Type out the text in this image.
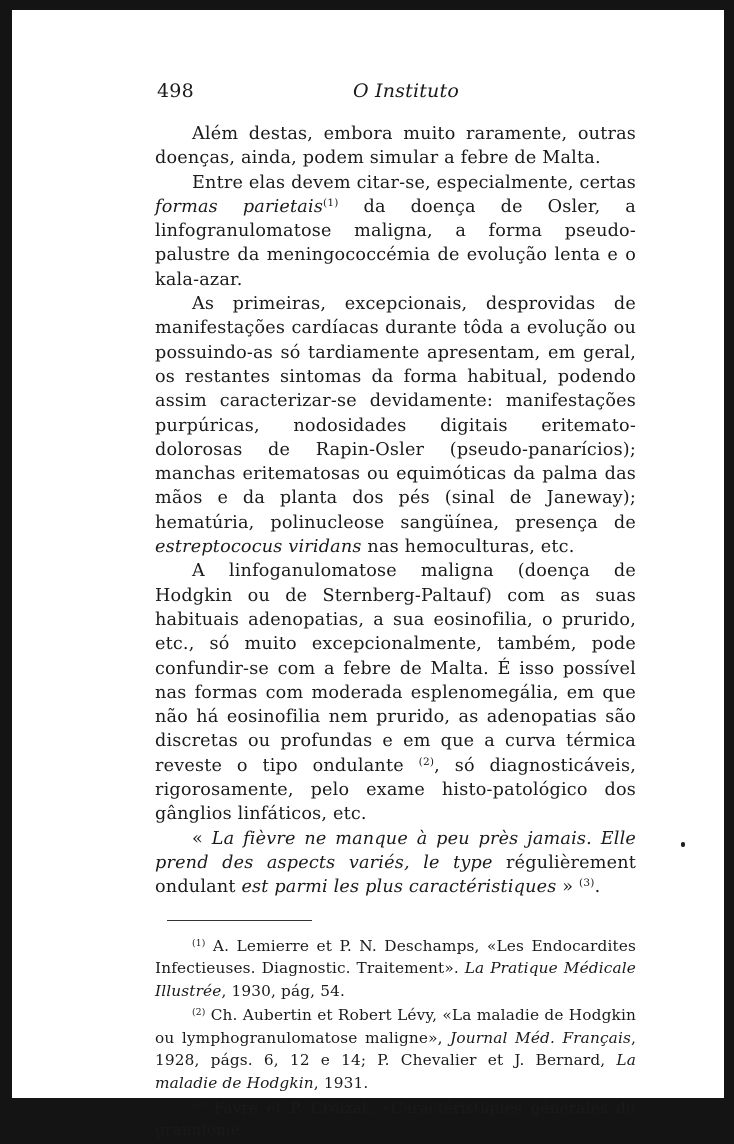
498	O Instituto

Além destas, embora muito raramente, outras doenças, ainda, podem simular a febre de Malta.

Entre elas devem citar-se, especialmente, certas formas parietais$^{(1)}$ da doença de Osler, a linfogranulomatose maligna, a forma pseudo-palustre da meningococcémia de evolução lenta e o kala-azar.

As primeiras, excepcionais, desprovidas de manifestações cardíacas durante tôda a evolução ou possuindo-as só tardiamente apresentam, em geral, os restantes sintomas da forma habitual, podendo assim caracterizar-se devidamente: manifestações purpúricas, nodosidades digitais eritemato-dolorosas de Rapin-Osler (pseudo-panarícios); manchas eritematosas ou equimóticas da palma das mãos e da planta dos pés (sinal de Janeway); hematúria, polinucleose sangüínea, presença de estreptococus viridans nas hemoculturas, etc.

A linfoganulomatose maligna (doença de Hodgkin ou de Sternberg-Paltauf) com as suas habituais adenopatias, a sua eosinofilia, o prurido, etc., só muito excepcionalmente, também, pode confundir-se com a febre de Malta. É isso possível nas formas com moderada esplenomegália, em que não há eosinofilia nem prurido, as adenopatias são discretas ou profundas e em que a curva térmica reveste o tipo ondulante $^{(2)}$, só diagnosticáveis, rigorosamente, pelo exame histo-patológico dos gânglios linfáticos, etc.

« La fièvre ne manque à peu près jamais. Elle prend des aspects variés, le type régulièrement ondulant est parmi les plus caractéristiques » $^{(3)}$.

$^{(1)}$ A. Lemierre et P. N. Deschamps, «Les Endocardites Infectieuses. Diagnostic. Traitement». La Pratique Médicale Illustrée, 1930, pág, 54.

$^{(2)}$ Ch. Aubertin et Robert Lévy, «La maladie de Hodgkin ou lymphogranulomatose maligne», Journal Méd. Français, 1928, págs. 6, 12 e 14; P. Chevalier et J. Bernard, La maladie de Hodgkin, 1931.

$^{(3)}$ Favre et P. Croizat, «Caractéristiques générales du granulome
